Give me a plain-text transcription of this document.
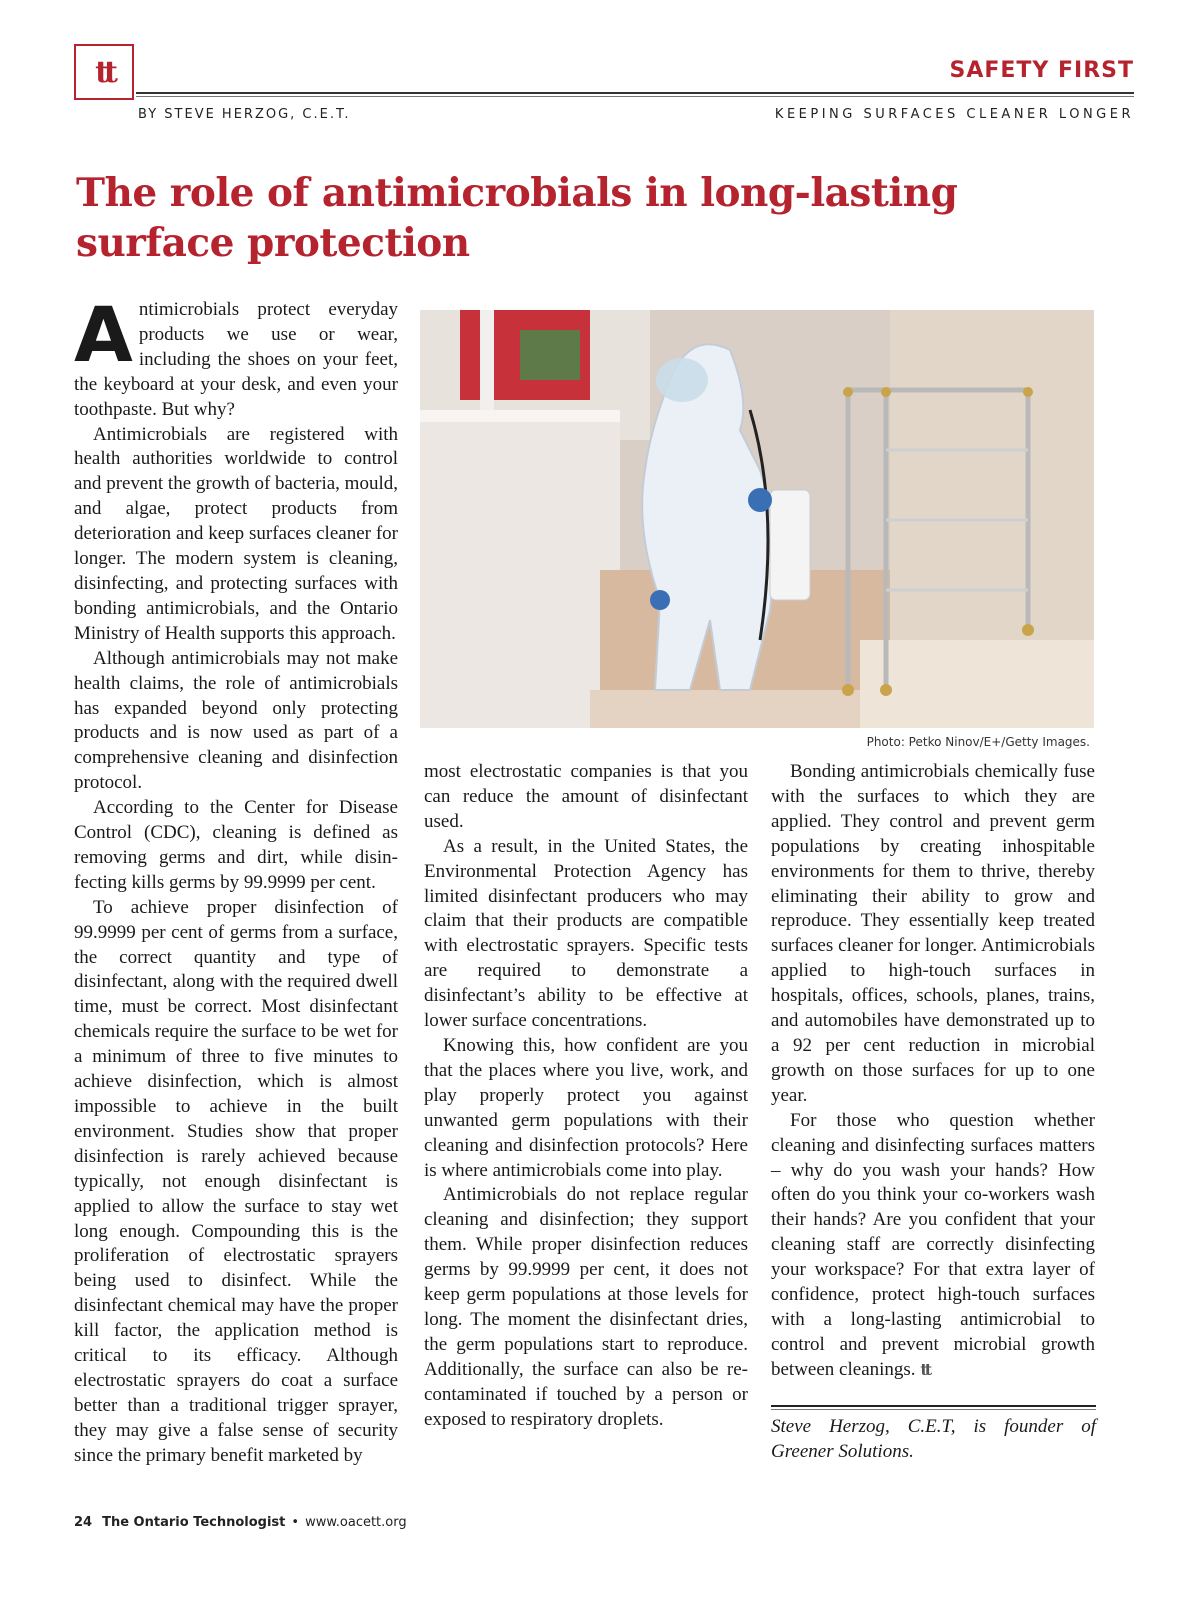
tt	SAFETY FIRST
BY STEVE HERZOG, C.E.T.	KEEPING SURFACES CLEANER LONGER
The role of antimicrobials in long-lasting surface protection

Antimicrobials protect everyday products we use or wear, including the shoes on your feet, the keyboard at your desk, and even your toothpaste. But why?

Antimicrobials are registered with health authorities worldwide to control and prevent the growth of bacteria, mould, and algae, protect products from deterioration and keep surfaces cleaner for longer. The modern system is cleaning, disinfecting, and protecting surfaces with bonding antimicrobials, and the Ontario Ministry of Health supports this approach.

Although antimicrobials may not make health claims, the role of antimicrobials has expanded beyond only protecting products and is now used as part of a comprehensive cleaning and disinfection protocol.

According to the Center for Disease Control (CDC), cleaning is defined as removing germs and dirt, while disinfecting kills germs by 99.9999 per cent.

To achieve proper disinfection of 99.9999 per cent of germs from a surface, the correct quantity and type of disinfectant, along with the required dwell time, must be correct. Most disinfectant chemicals require the surface to be wet for a minimum of three to five minutes to achieve disinfection, which is almost impossible to achieve in the built environment. Studies show that proper disinfection is rarely achieved because typically, not enough disinfectant is applied to allow the surface to stay wet long enough. Compounding this is the proliferation of electrostatic sprayers being used to disinfect. While the disinfectant chemical may have the proper kill factor, the application method is critical to its efficacy. Although electrostatic sprayers do coat a surface better than a traditional trigger sprayer, they may give a false sense of security since the primary benefit marketed by

Photo: Petko Ninov/E+/Getty Images.

most electrostatic companies is that you can reduce the amount of disinfectant used.

As a result, in the United States, the Environmental Protection Agency has limited disinfectant producers who may claim that their products are compatible with electrostatic sprayers. Specific tests are required to demonstrate a disinfectant’s ability to be effective at lower surface concentrations.

Knowing this, how confident are you that the places where you live, work, and play properly protect you against unwanted germ populations with their cleaning and disinfection protocols? Here is where antimicrobials come into play.

Antimicrobials do not replace regular cleaning and disinfection; they support them. While proper disinfection reduces germs by 99.9999 per cent, it does not keep germ populations at those levels for long. The moment the disinfectant dries, the germ populations start to reproduce. Additionally, the surface can also be re-contaminated if touched by a person or exposed to respiratory droplets.

Bonding antimicrobials chemically fuse with the surfaces to which they are applied. They control and prevent germ populations by creating inhospitable environments for them to thrive, thereby eliminating their ability to grow and reproduce. They essentially keep treated surfaces cleaner for longer. Antimicrobials applied to high-touch surfaces in hospitals, offices, schools, planes, trains, and automobiles have demonstrated up to a 92 per cent reduction in microbial growth on those surfaces for up to one year.

For those who question whether cleaning and disinfecting surfaces matters – why do you wash your hands? How often do you think your co-workers wash their hands? Are you confident that your cleaning staff are correctly disinfecting your workspace? For that extra layer of confidence, protect high-touch surfaces with a long-lasting antimicrobial to control and prevent microbial growth between cleanings. tt

Steve Herzog, C.E.T, is founder of Greener Solutions.

24 The Ontario Technologist • www.oacett.org
